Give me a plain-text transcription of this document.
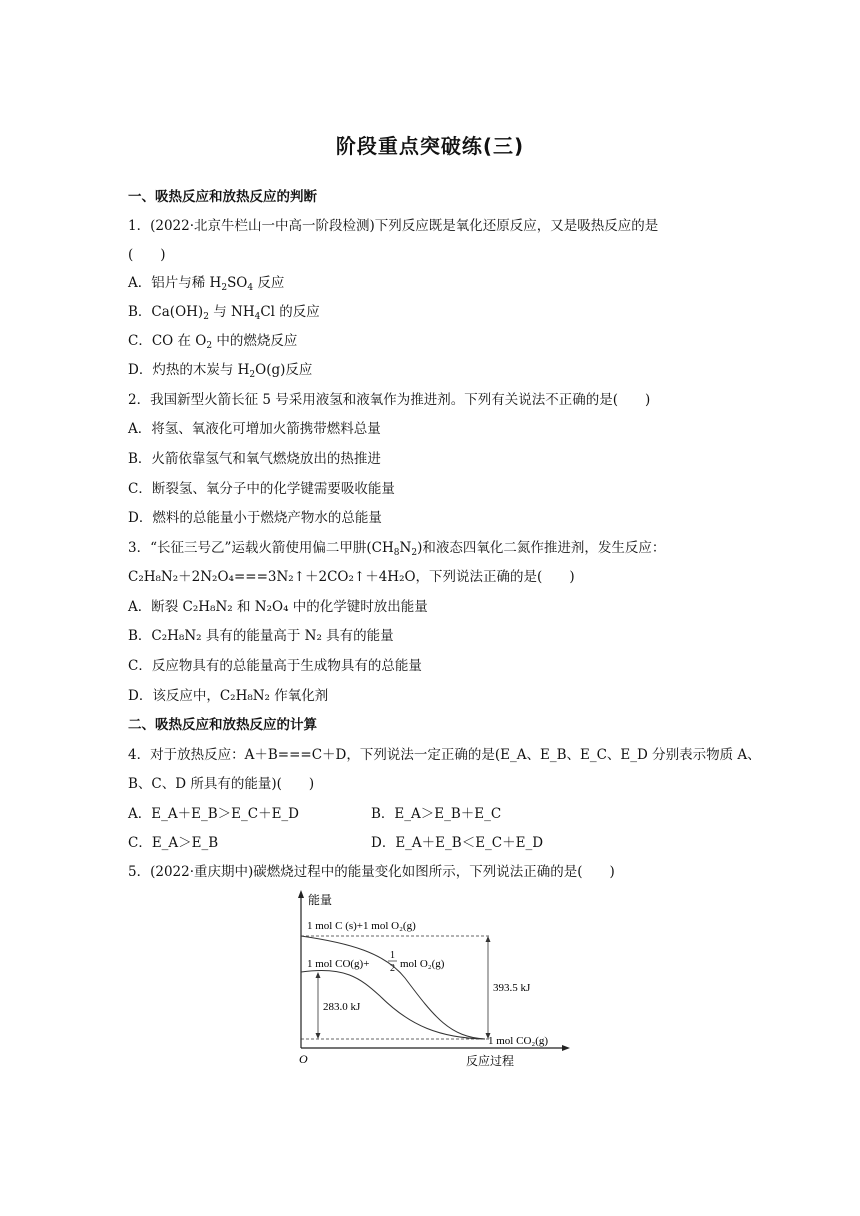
阶段重点突破练(三)
一、吸热反应和放热反应的判断
1．(2022·北京牛栏山一中高一阶段检测)下列反应既是氧化还原反应，又是吸热反应的是
(　　)
A．铝片与稀 $H_2SO_4$ 反应
B．$Ca(OH)_2$ 与 $NH_4Cl$ 的反应
C．CO 在 $O_2$ 中的燃烧反应
D．灼热的木炭与 $H_2O(g)$反应
2．我国新型火箭长征 5 号采用液氢和液氧作为推进剂。下列有关说法不正确的是(　　)
A．将氢、氧液化可增加火箭携带燃料总量
B．火箭依靠氢气和氧气燃烧放出的热推进
C．断裂氢、氧分子中的化学键需要吸收能量
D．燃料的总能量小于燃烧产物水的总能量
3．“长征三号乙”运载火箭使用偏二甲肼$(CH_8N_2)$和液态四氧化二氮作推进剂，发生反应：
C₂H₈N₂＋2N₂O₄===3N₂↑＋2CO₂↑＋4H₂O，下列说法正确的是(　　)
A．断裂 C₂H₈N₂ 和 N₂O₄ 中的化学键时放出能量
B．C₂H₈N₂ 具有的能量高于 N₂ 具有的能量
C．反应物具有的总能量高于生成物具有的总能量
D．该反应中，C₂H₈N₂ 作氧化剂
二、吸热反应和放热反应的计算
4．对于放热反应：A＋B===C＋D，下列说法一定正确的是(E_A、E_B、E_C、E_D 分别表示物质 A、
B、C、D 所具有的能量)(　　)
A．E_A＋E_B＞E_C＋E_D	B．E_A＞E_B＋E_C
C．E_A＞E_B	D．E_A＋E_B＜E_C＋E_D
5．(2022·重庆期中)碳燃烧过程中的能量变化如图所示，下列说法正确的是(　　)
能量
O	反应过程
1 mol C (s)+1 mol O₂(g)
1 mol CO(g)+
1
2 mol O₂(g)
283.0 kJ
393.5 kJ
1 mol CO₂(g)
